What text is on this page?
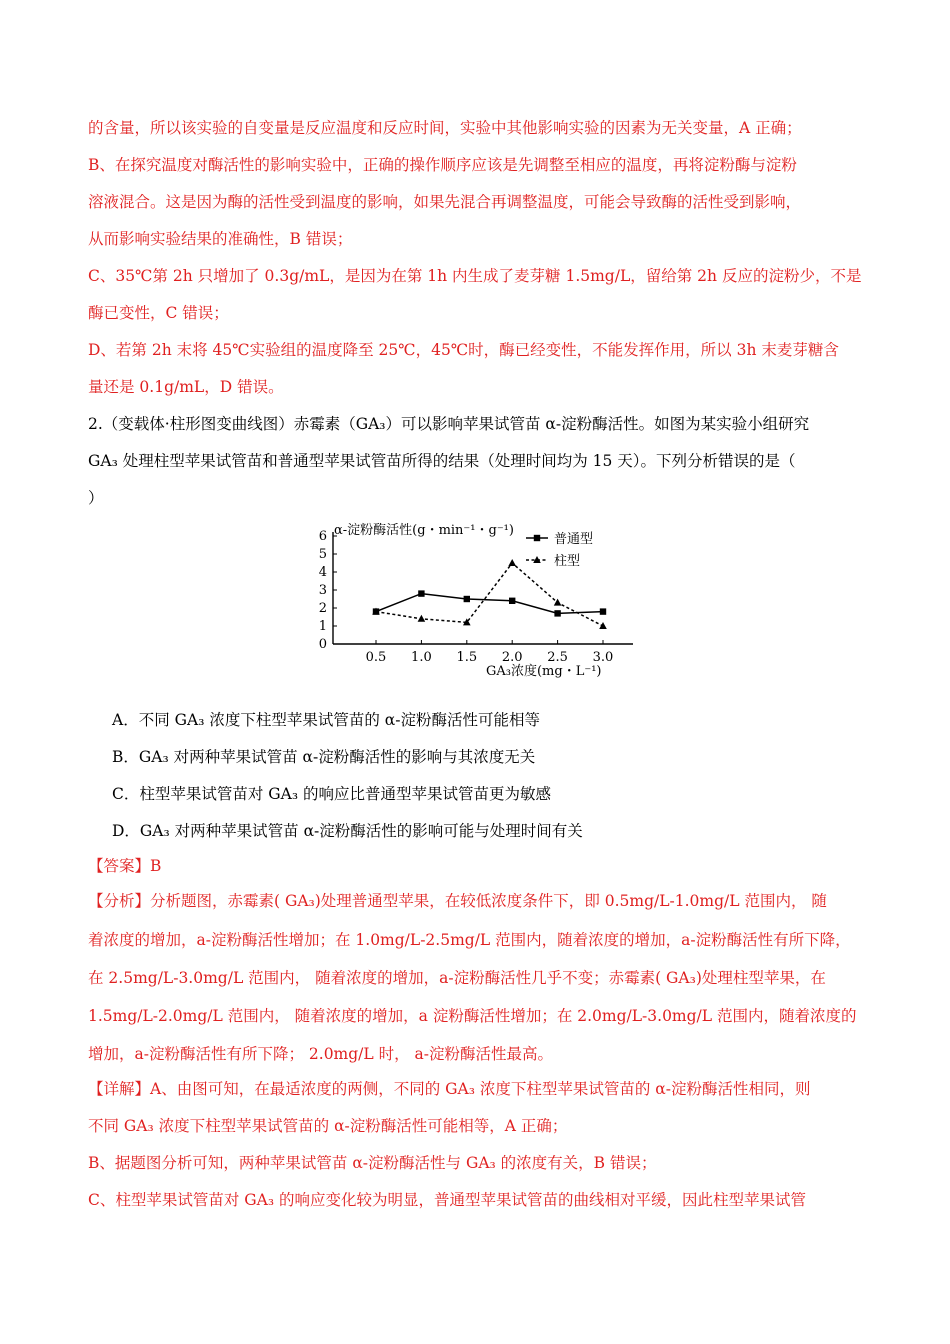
的含量，所以该实验的自变量是反应温度和反应时间，实验中其他影响实验的因素为无关变量，A 正确；
B、在探究温度对酶活性的影响实验中，正确的操作顺序应该是先调整至相应的温度，再将淀粉酶与淀粉
溶液混合。这是因为酶的活性受到温度的影响，如果先混合再调整温度，可能会导致酶的活性受到影响，
从而影响实验结果的准确性，B 错误；
C、35℃第 2h 只增加了 0.3g/mL，是因为在第 1h 内生成了麦芽糖 1.5mg/L，留给第 2h 反应的淀粉少，不是
酶已变性，C 错误；
D、若第 2h 末将 45℃实验组的温度降至 25℃，45℃时，酶已经变性，不能发挥作用，所以 3h 末麦芽糖含
量还是 0.1g/mL，D 错误。
2.（变载体·柱形图变曲线图）赤霉素（GA₃）可以影响苹果试管苗 α-淀粉酶活性。如图为某实验小组研究
GA₃ 处理柱型苹果试管苗和普通型苹果试管苗所得的结果（处理时间均为 15 天）。下列分析错误的是（
）
0
1
2
3
4
5
6
0.5 1.0 1.5 2.0 2.5 3.0
α-淀粉酶活性(g・min⁻¹・g⁻¹)
GA₃浓度(mg・L⁻¹)
普通型
柱型
A．不同 GA₃ 浓度下柱型苹果试管苗的 α-淀粉酶活性可能相等
B．GA₃ 对两种苹果试管苗 α-淀粉酶活性的影响与其浓度无关
C．柱型苹果试管苗对 GA₃ 的响应比普通型苹果试管苗更为敏感
D．GA₃ 对两种苹果试管苗 α-淀粉酶活性的影响可能与处理时间有关
【答案】B
【分析】分析题图，赤霉素( GA₃)处理普通型苹果，在较低浓度条件下，即 0.5mg/L-1.0mg/L 范围内， 随
着浓度的增加，a-淀粉酶活性增加；在 1.0mg/L-2.5mg/L 范围内，随着浓度的增加，a-淀粉酶活性有所下降，
在 2.5mg/L-3.0mg/L 范围内， 随着浓度的增加，a-淀粉酶活性几乎不变；赤霉素( GA₃)处理柱型苹果，在
1.5mg/L-2.0mg/L 范围内， 随着浓度的增加，a 淀粉酶活性增加；在 2.0mg/L-3.0mg/L 范围内，随着浓度的
增加，a-淀粉酶活性有所下降； 2.0mg/L 时， a-淀粉酶活性最高。
【详解】A、由图可知，在最适浓度的两侧，不同的 GA₃ 浓度下柱型苹果试管苗的 α-淀粉酶活性相同，则
不同 GA₃ 浓度下柱型苹果试管苗的 α-淀粉酶活性可能相等，A 正确；
B、据题图分析可知，两种苹果试管苗 α-淀粉酶活性与 GA₃ 的浓度有关，B 错误；
C、柱型苹果试管苗对 GA₃ 的响应变化较为明显，普通型苹果试管苗的曲线相对平缓，因此柱型苹果试管
